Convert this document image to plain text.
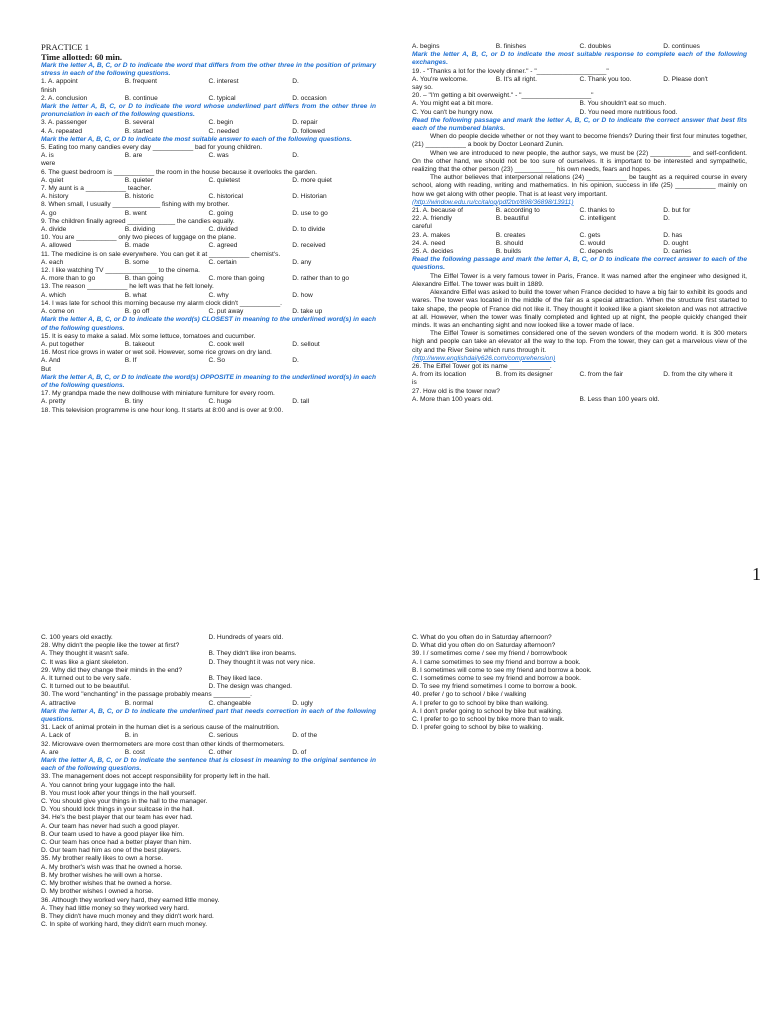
PRACTICE 1
Time allotted: 60 min.
Mark the letter A, B, C, or D to indicate the word that differs from the other three in the position of primary stress in each of the following questions.
1. A. appoint	B. frequent	C. interest	D.
finish
2. A. conclusion	B. continue	C. typical	D. occasion
Mark the letter A, B, C, or D to indicate the word whose underlined part differs from the other three in pronunciation in each of the following questions.
3. A. passenger	B. several	C. begin	D. repair
4. A. repeated	B. started	C. needed	D. followed
Mark the letter A, B, C, or D to indicate the most suitable answer to each of the following questions.
5. Eating too many candies every day ___________ bad for young children.
A. is	B. are	C. was	D.
were
6. The guest bedroom is ___________ the room in the house because it overlooks the garden.
A. quiet	B. quieter	C. quietest	D. more quiet
7. My aunt is a ___________ teacher.
A. history	B. historic	C. historical	D. Historian
8. When small, I usually _____________ fishing with my brother.
A. go	B. went	C. going	D. use to go
9. The children finally agreed _____________ the candies equally.
A. divide	B. dividing	C. divided	D. to divide
10. You are ___________ only two pieces of luggage on the plane.
A. allowed	B. made	C. agreed	D. received
11. The medicine is on sale everywhere. You can get it at ___________ chemist's.
A. each	B. some	C. certain	D. any
12. I like watching TV ______________ to the cinema.
A. more than to go	B. than going	C. more than going	D. rather than to go
13. The reason ___________ he left was that he felt lonely.
A. which	B. what	C. why	D. how
14. I was late for school this morning because my alarm clock didn't ___________.
A. come on	B. go off	C. put away	D. take up
Mark the letter A, B, C, or D to indicate the word(s) CLOSEST in meaning to the underlined word(s) in each of the following questions.
15. It is easy to make a salad. Mix some lettuce, tomatoes and cucumber.
A. put together	B. takeout	C. cook well	D. sellout
16. Most rice grows in water or wet soil. However, some rice grows on dry land.
A. And	B. If	C. So	D.
But
Mark the letter A, B, C, or D to indicate the word(s) OPPOSITE in meaning to the underlined word(s) in each of the following questions.
17. My grandpa made the new dollhouse with miniature furniture for every room.
A. pretty	B. tiny	C. huge	D. tall
18. This television programme is one hour long. It starts at 8:00 and is over at 9:00.
A. begins	B. finishes	C. doubles	D. continues
Mark the letter A, B, C, or D to indicate the most suitable response to complete each of the following exchanges.
19. - "Thanks a lot for the lovely dinner." - "___________________"
A. You're welcome.	B. It's all right.	C. Thank you too.	D. Please don't
say so.
20. – "I'm getting a bit overweight." - "___________________"
A. You might eat a bit more.	B. You shouldn't eat so much.
C. You can't be hungry now.	D. You need more nutritious food.
Read the following passage and mark the letter A, B, C, or D to indicate the correct answer that best fits each of the numbered blanks.
When do people decide whether or not they want to become friends? During their first four minutes together, (21) ___________ a book by Doctor Leonard Zunin.
When we are introduced to new people, the author says, we must be (22) ___________ and self-confident. On the other hand, we should not be too sure of ourselves. It is important to be interested and sympathetic, realizing that the other person (23) ___________ his own needs, fears and hopes.
The author believes that interpersonal relations (24) ___________ be taught as a required course in every school, along with reading, writing and mathematics. In his opinion, success in life (25) ___________ mainly on how we get along with other people. That is at least very important.
(http://window.edu.ru/ccitalog/pdf2txt/898/36898/13911)
21. A. because of	B. according to	C. thanks to	D. but for
22. A. friendly	B. beautiful	C. intelligent	D.
careful
23. A. makes	B. creates	C. gets	D. has
24. A. need	B. should	C. would	D. ought
25. A. decides	B. builds	C. depends	D. carries
Read the following passage and mark the letter A, B, C, or D to indicate the correct answer to each of the questions.
The Eiffel Tower is a very famous tower in Paris, France. It was named after the engineer who designed it, Alexandre Eiffel. The tower was built in 1889.
Alexandre Eiffel was asked to build the tower when France decided to have a big fair to exhibit its goods and wares. The tower was located in the middle of the fair as a special attraction. When the structure first started to take shape, the people of France did not like it. They thought it looked like a giant skeleton and was not attractive at all. However, when the tower was finally completed and lighted up at night, the people quickly changed their minds. It was an enchanting sight and now looked like a tower made of lace.
The Eiffel Tower is sometimes considered one of the seven wonders of the modern world. It is 300 meters high and people can take an elevator all the way to the top. From the tower, they can get a marvelous view of the city and the River Seine which runs through it.
(http://www.englishdaily626.com/comprehension)
26. The Eiffel Tower got its name ___________.
A. from its location	B. from its designer	C. from the fair	D. from the city where it
is
27. How old is the tower now?
A. More than 100 years old.	B. Less than 100 years old.
1
C. 100 years old exactly.	D. Hundreds of years old.
28. Why didn't the people like the tower at first?
A. They thought it wasn't safe.	B. They didn't like iron beams.
C. It was like a giant skeleton.	D. They thought it was not very nice.
29. Why did they change their minds in the end?
A. It turned out to be very safe.	B. They liked lace.
C. It turned out to be beautiful.	D. The design was changed.
30. The word "enchanting" in the passage probably means __________.
A. attractive	B. normal	C. changeable	D. ugly
Mark the letter A, B, C, or D to indicate the underlined part that needs correction in each of the following questions.
31. Lack of animal protein in the human diet is a serious cause of the malnutrition.
A. Lack of	B. in	C. serious	D. of the
32. Microwave oven thermometers are more cost than other kinds of thermometers.
A. are	B. cost	C. other	D. of
Mark the letter A, B, C, or D to indicate the sentence that is closest in meaning to the original sentence in each of the following questions.
33. The management does not accept responsibility for property left in the hall.
A. You cannot bring your luggage into the hall.
B. You must look after your things in the hall yourself.
C. You should give your things in the hall to the manager.
D. You should lock things in your suitcase in the hall.
34. He's the best player that our team has ever had.
A. Our team has never had such a good player.
B. Our team used to have a good player like him.
C. Our team has once had a better player than him.
D. Our team had him as one of the best players.
35. My brother really likes to own a horse.
A. My brother's wish was that he owned a horse.
B. My brother wishes he will own a horse.
C. My brother wishes that he owned a horse.
D. My brother wishes I owned a horse.
36. Although they worked very hard, they earned little money.
A. They had little money so they worked very hard.
B. They didn't have much money and they didn't work hard.
C. In spite of working hard, they didn't earn much money.
C. What do you often do in Saturday afternoon?
D. What did you often do on Saturday afternoon?
39. I / sometimes come / see my friend / borrow/book
A. I came sometimes to see my friend and borrow a book.
B. I sometimes will come to see my friend and borrow a book.
C. I sometimes come to see my friend and borrow a book.
D. To see my friend sometimes I come to borrow a book.
40. prefer / go to school / bike / walking
A. I prefer to go to school by bike than walking.
A. I don't prefer going to school by bike but walking.
C. I prefer to go to school by bike more than to walk.
D. I prefer going to school by bike to walking.
